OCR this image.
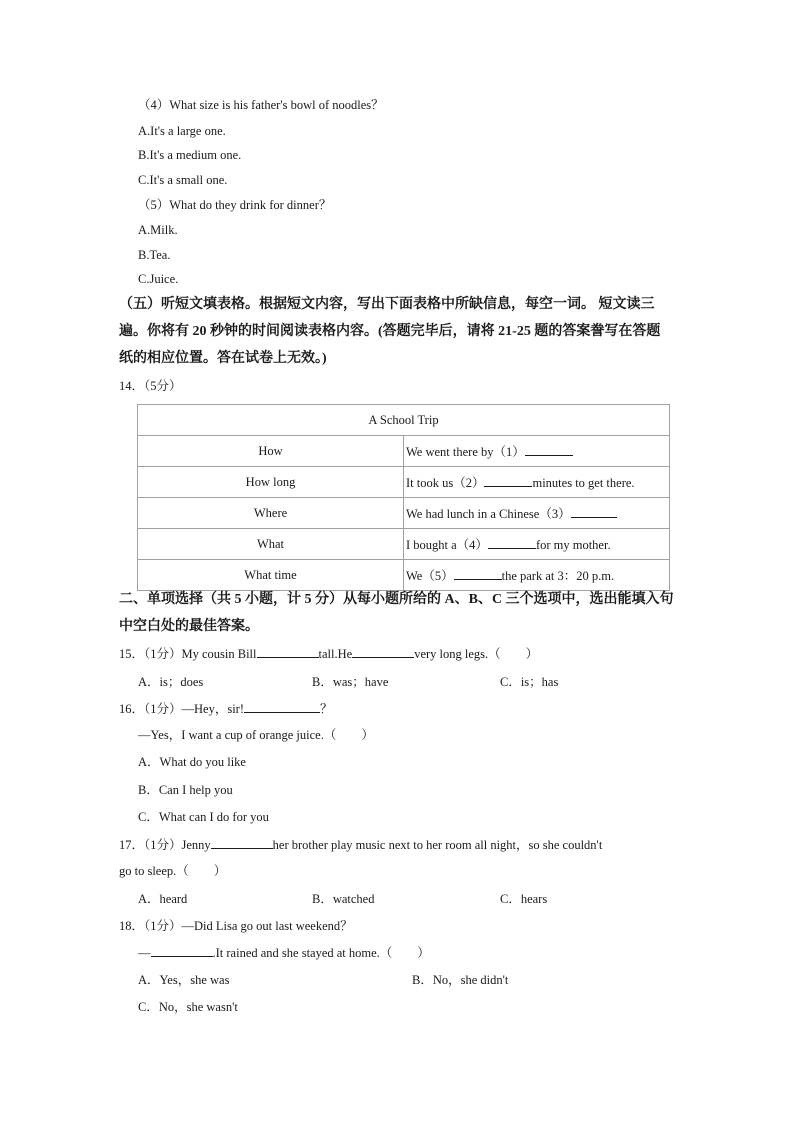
（4）What size is his father's bowl of noodles？
A.It's a large one.
B.It's a medium one.
C.It's a small one.
（5）What do they drink for dinner？
A.Milk.
B.Tea.
C.Juice.
（五）听短文填表格。根据短文内容，写出下面表格中所缺信息，每空一词。 短文读三
遍。你将有 20 秒钟的时间阅读表格内容。(答题完毕后，请将 21-25 题的答案誊写在答题
纸的相应位置。答在试卷上无效。)
14．（5分）
A School Trip	
How	We went there by（1）
How long	It took us（2） minutes to get there.
Where	We had lunch in a Chinese（3）
What	I bought a（4） for my mother.
What time	We（5） the park at 3：20 p.m.
二、单项选择（共 5 小题，计 5 分）从每小题所给的 A、B、C 三个选项中，选出能填入句
中空白处的最佳答案。
15．（1分）My cousin Bill	tall.He	very long legs.（　　）
A．is；does	B．was；have	C．is；has
16．（1分）—Hey，sir!	？
—Yes，I want a cup of orange juice.（　　）
A．What do you like
B．Can I help you
C．What can I do for you
17．（1分）Jenny	her brother play music next to her room all night，so she couldn't
go to sleep.（　　）
A．heard	B．watched	C．hears
18．（1分）—Did Lisa go out last weekend？
—	.It rained and she stayed at home.（　　）
A．Yes，she was	B．No，she didn't
C．No，she wasn't
